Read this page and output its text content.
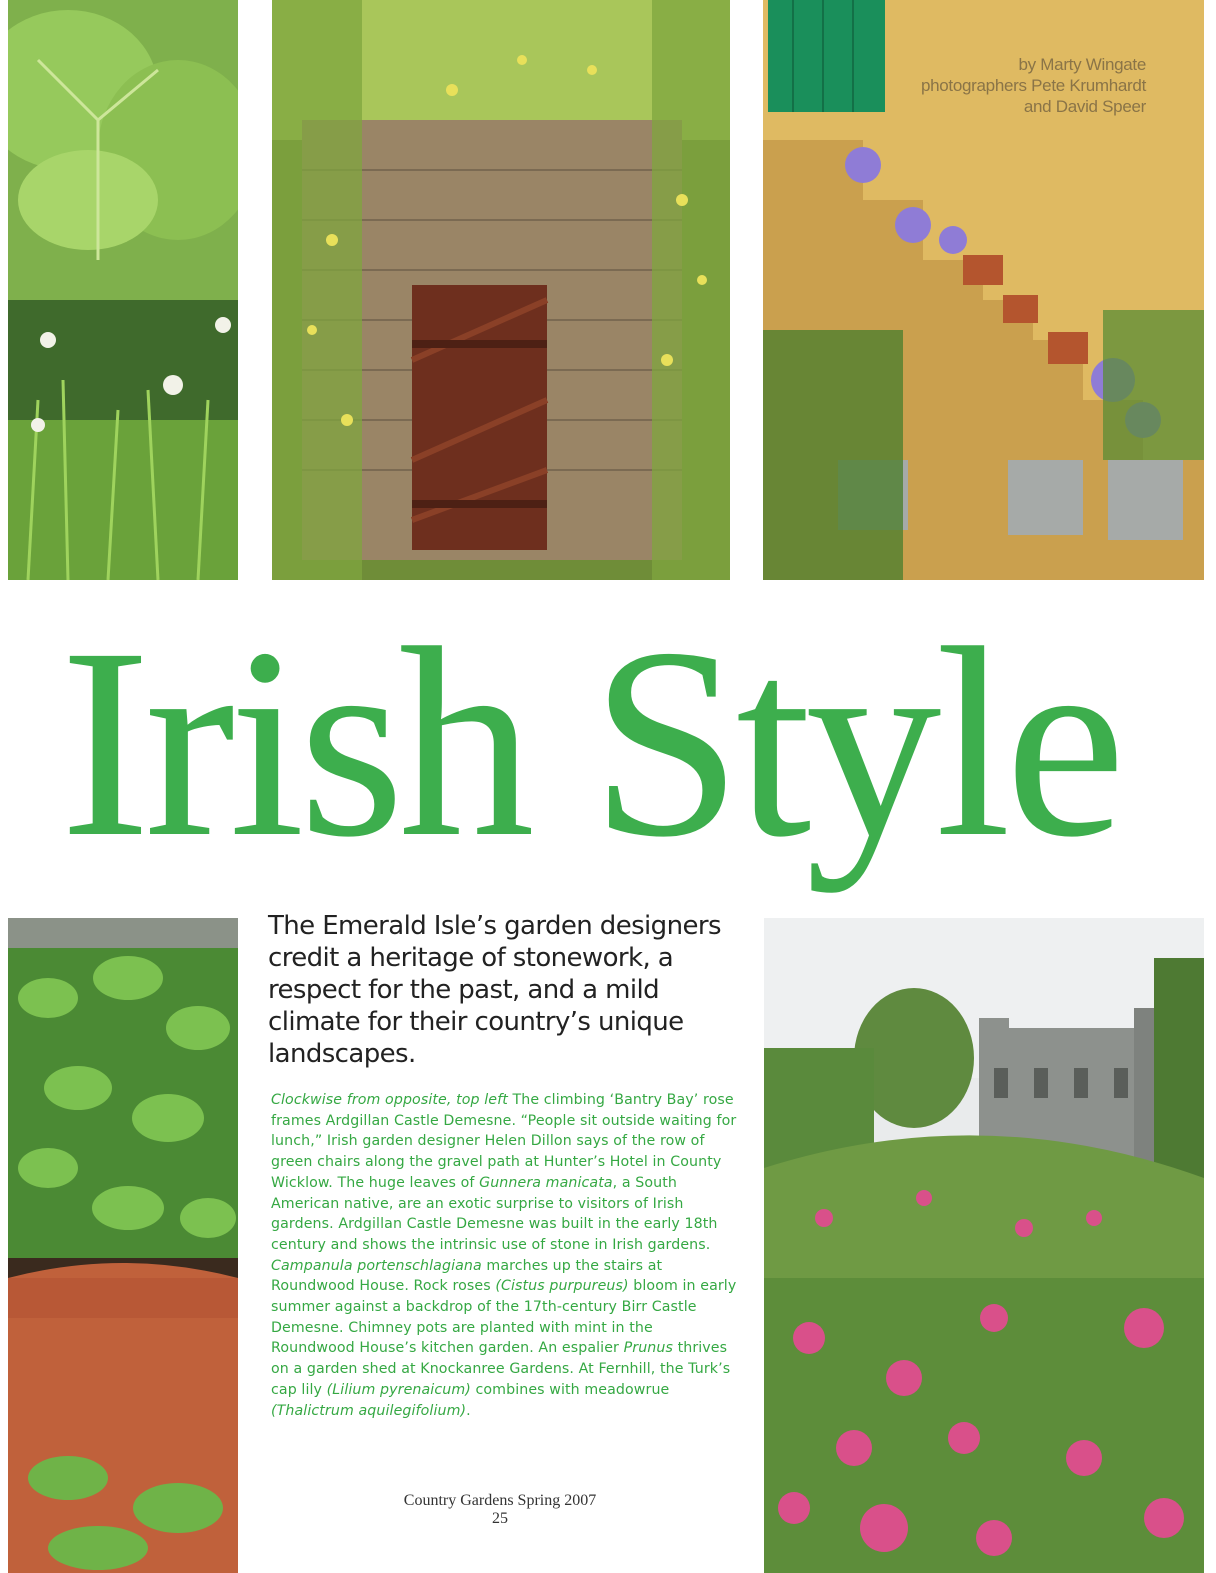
by Marty Wingate
photographers Pete Krumhardt
and David Speer
Irish Style
The Emerald Isle’s garden designers credit a heritage of stonework, a respect for the past, and a mild climate for their country’s unique landscapes.
Clockwise from opposite, top left The climbing ‘Bantry Bay’ rose frames Ardgillan Castle Demesne. “People sit outside waiting for lunch,” Irish garden designer Helen Dillon says of the row of green chairs along the gravel path at Hunter’s Hotel in County Wicklow. The huge leaves of Gunnera manicata, a South American native, are an exotic surprise to visitors of Irish gardens. Ardgillan Castle Demesne was built in the early 18th century and shows the intrinsic use of stone in Irish gardens. Campanula portenschlagiana marches up the stairs at Roundwood House. Rock roses (Cistus purpureus) bloom in early summer against a backdrop of the 17th-century Birr Castle Demesne. Chimney pots are planted with mint in the Roundwood House’s kitchen garden. An espalier Prunus thrives on a garden shed at Knockanree Gardens. At Fernhill, the Turk’s cap lily (Lilium pyrenaicum) combines with meadowrue (Thalictrum aquilegifolium).
Country Gardens Spring 2007
25
